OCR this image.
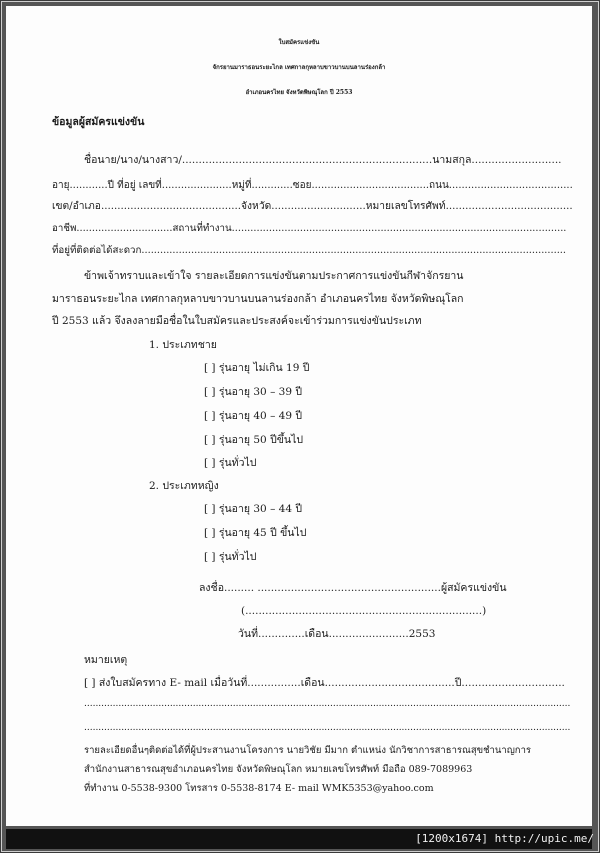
ใบสมัครแข่งขัน
จักรยานมาราธอนระยะไกล เทศกาลกุหลาบขาวบานบนลานร่องกล้า
อำเภอนครไทย จังหวัดพิษณุโลก ปี 2553
ข้อมูลผู้สมัครแข่งขัน
ชื่อนาย/นาง/นางสาว/...........................................................................นามสกุล...........................
อายุ............ปี ที่อยู่ เลขที่......................หมู่ที่.............ซอย.....................................ถนน.......................................
เขต/อำเภอ...........................................จังหวัด.............................หมายเลขโทรศัพท์.......................................
อาชีพ...............................สถานที่ทำงาน............................................................................................................
ที่อยู่ที่ติดต่อได้สะดวก.........................................................................................................................................
ข้าพเจ้าทราบและเข้าใจ รายละเอียดการแข่งขันตามประกาศการแข่งขันกีฬาจักรยาน
มาราธอนระยะไกล เทศกาลกุหลาบขาวบานบนลานร่องกล้า อำเภอนครไทย จังหวัดพิษณุโลก
ปี 2553 แล้ว จึงลงลายมือชื่อในใบสมัครและประสงค์จะเข้าร่วมการแข่งขันประเภท
1. ประเภทชาย
[ ] รุ่นอายุ ไม่เกิน 19 ปี
[ ] รุ่นอายุ 30 – 39 ปี
[ ] รุ่นอายุ 40 – 49 ปี
[ ] รุ่นอายุ 50 ปีขึ้นไป
[ ] รุ่นทั่วไป
2. ประเภทหญิง
[ ] รุ่นอายุ 30 – 44 ปี
[ ] รุ่นอายุ 45 ปี ขึ้นไป
[ ] รุ่นทั่วไป
ลงชื่อ......... .......................................................ผู้สมัครแข่งขัน
(.......................................................................)
วันที่..............เดือน........................2553
หมายเหตุ
[ ] ส่งใบสมัครทาง E- mail เมื่อวันที่................เดือน.......................................ปี...............................
..........................................................................................................................................................................
..........................................................................................................................................................................
รายละเอียดอื่นๆติดต่อได้ที่ผู้ประสานงานโครงการ นายวิชัย มีมาก ตำแหน่ง นักวิชาการสาธารณสุขชำนาญการ
สำนักงานสาธารณสุขอำเภอนครไทย จังหวัดพิษณุโลก หมายเลขโทรศัพท์ มือถือ 089-7089963
ที่ทำงาน 0-5538-9300 โทรสาร 0-5538-8174 E- mail WMK5353@yahoo.com
[1200x1674] http://upic.me/
